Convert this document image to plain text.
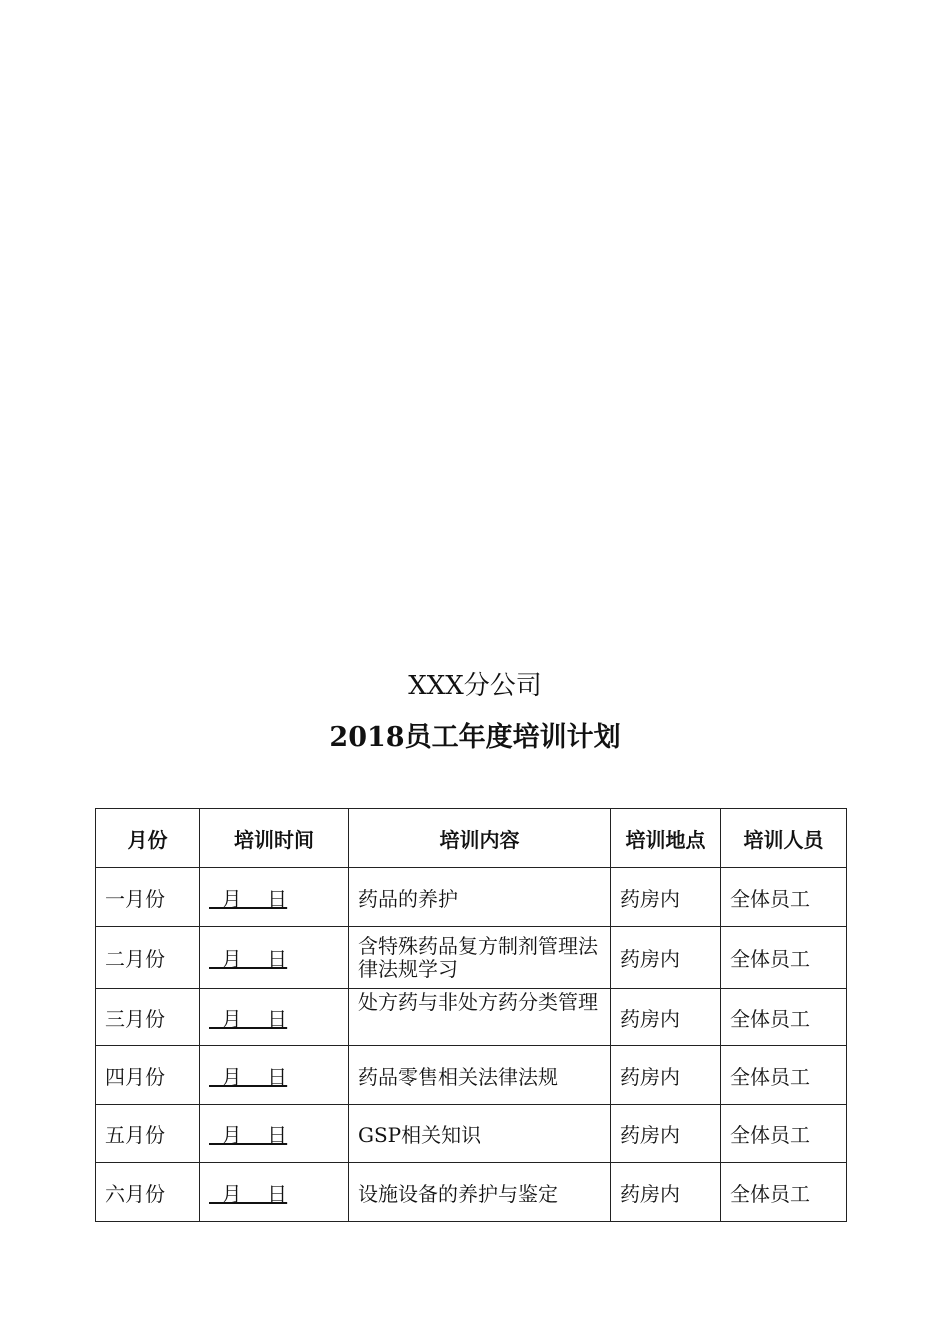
XXX分公司
2018员工年度培训计划
月份	培训时间	培训内容	培训地点	培训人员
一月份	月    日	药品的养护	药房内	全体员工
二月份	月    日	含特殊药品复方制剂管理法律法规学习	药房内	全体员工
三月份	月    日	处方药与非处方药分类管理	药房内	全体员工
四月份	月    日	药品零售相关法律法规	药房内	全体员工
五月份	月    日	GSP相关知识	药房内	全体员工
六月份	月    日	设施设备的养护与鉴定	药房内	全体员工
